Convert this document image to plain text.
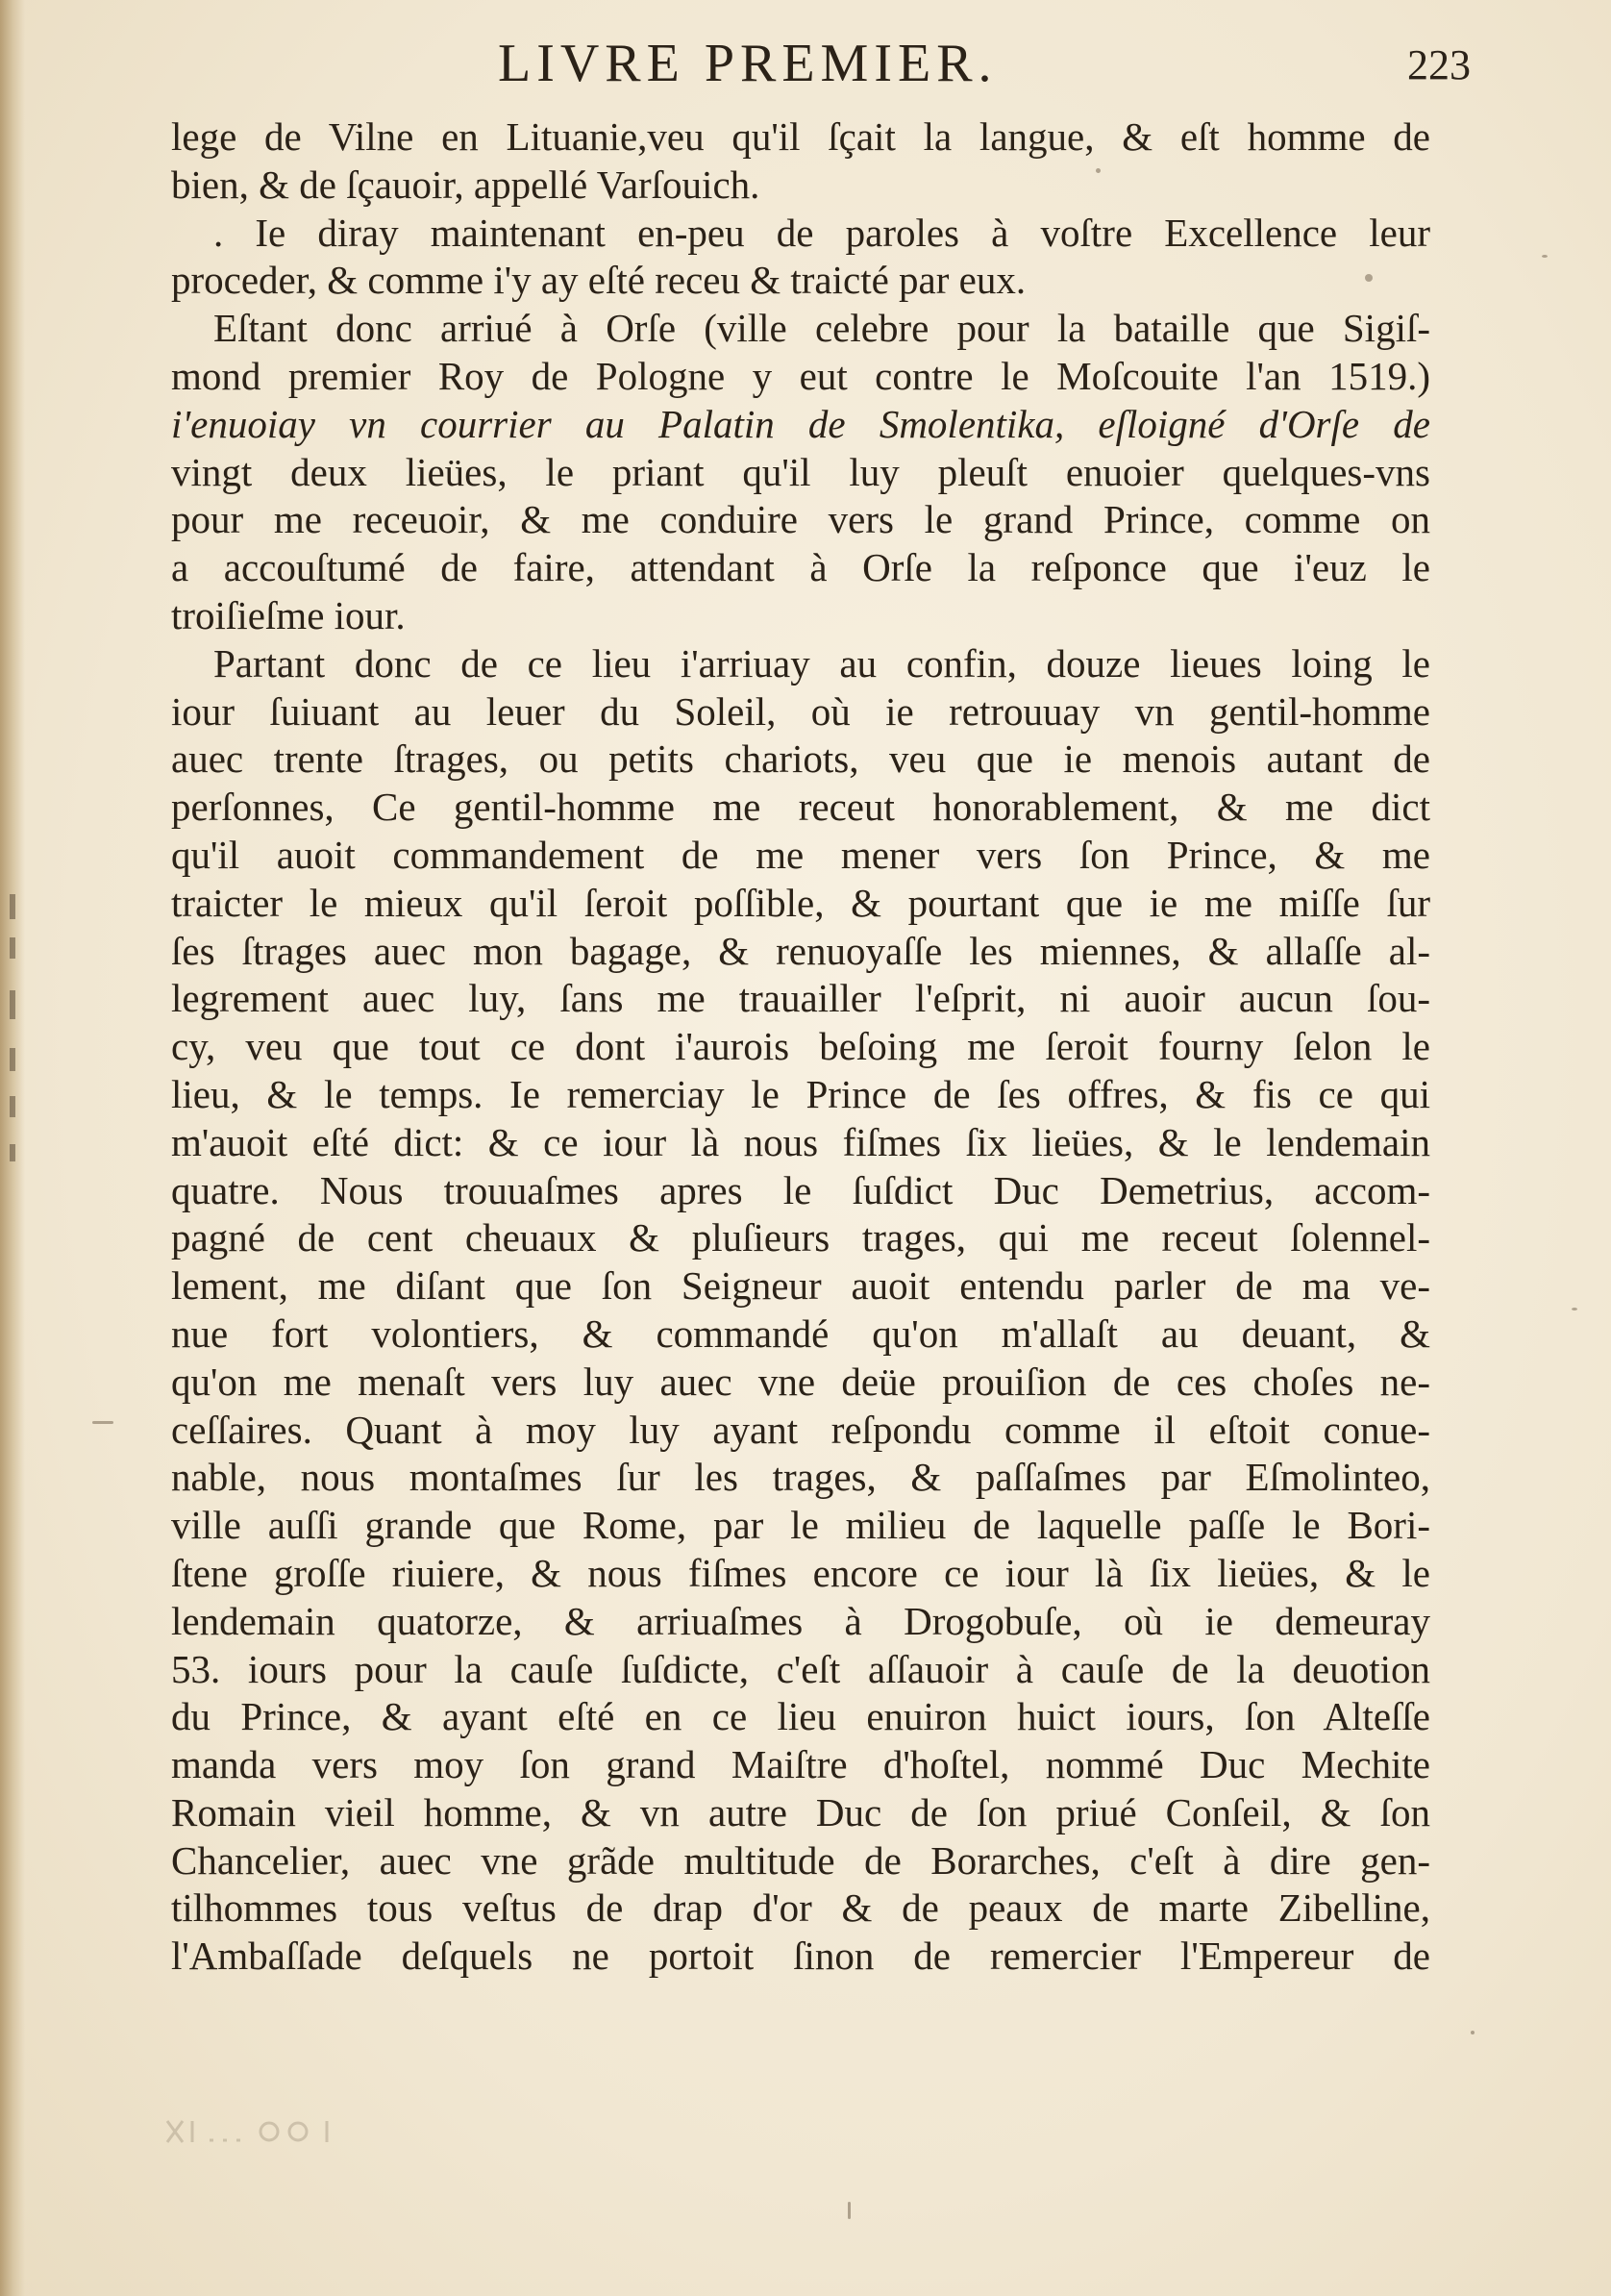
LIVRE PREMIER.	223
lege de Vilne en Lituanie,veu qu'il ſçait la langue, & eſt homme de
bien, & de ſçauoir, appellé Varſouich.
. Ie diray maintenant en-peu de paroles à voſtre Excellence leur
proceder, & comme i'y ay eſté receu & traicté par eux.
Eſtant donc arriué à Orſe (ville celebre pour la bataille que Sigiſ-
mond premier Roy de Pologne y eut contre le Moſcouite l'an 1519.)
i'enuoiay vn courrier au Palatin de Smolentika, eſloigné d'Orſe de
vingt deux lieües, le priant qu'il luy pleuſt enuoier quelques-vns
pour me receuoir, & me conduire vers le grand Prince, comme on
a accouſtumé de faire, attendant à Orſe la reſponce que i'euz le
troiſieſme iour.
Partant donc de ce lieu i'arriuay au confin, douze lieues loing le
iour ſuiuant au leuer du Soleil, où ie retrouuay vn gentil-homme
auec trente ſtrages, ou petits chariots, veu que ie menois autant de
perſonnes, Ce gentil-homme me receut honorablement, & me dict
qu'il auoit commandement de me mener vers ſon Prince, & me
traicter le mieux qu'il ſeroit poſſible, & pourtant que ie me miſſe ſur
ſes ſtrages auec mon bagage, & renuoyaſſe les miennes, & allaſſe al-
legrement auec luy, ſans me trauailler l'eſprit, ni auoir aucun ſou-
cy, veu que tout ce dont i'aurois beſoing me ſeroit fourny ſelon le
lieu, & le temps. Ie remerciay le Prince de ſes offres, & fis ce qui
m'auoit eſté dict: & ce iour là nous fiſmes ſix lieües, & le lendemain
quatre. Nous trouuaſmes apres le ſuſdict Duc Demetrius, accom-
pagné de cent cheuaux & pluſieurs trages, qui me receut ſolennel-
lement, me diſant que ſon Seigneur auoit entendu parler de ma ve-
nue fort volontiers, & commandé qu'on m'allaſt au deuant, &
qu'on me menaſt vers luy auec vne deüe prouiſion de ces choſes ne-
ceſſaires. Quant à moy luy ayant reſpondu comme il eſtoit conue-
nable, nous montaſmes ſur les trages, & paſſaſmes par Eſmolinteo,
ville auſſi grande que Rome, par le milieu de laquelle paſſe le Bori-
ſtene groſſe riuiere, & nous fiſmes encore ce iour là ſix lieües, & le
lendemain quatorze, & arriuaſmes à Drogobuſe, où ie demeuray
53. iours pour la cauſe ſuſdicte, c'eſt aſſauoir à cauſe de la deuotion
du Prince, & ayant eſté en ce lieu enuiron huict iours, ſon Alteſſe
manda vers moy ſon grand Maiſtre d'hoſtel, nommé Duc Mechite
Romain vieil homme, & vn autre Duc de ſon priué Conſeil, & ſon
Chancelier, auec vne grãde multitude de Borarches, c'eſt à dire gen-
tilhommes tous veſtus de drap d'or & de peaux de marte Zibelline,
l'Ambaſſade deſquels ne portoit ſinon de remercier l'Empereur de
